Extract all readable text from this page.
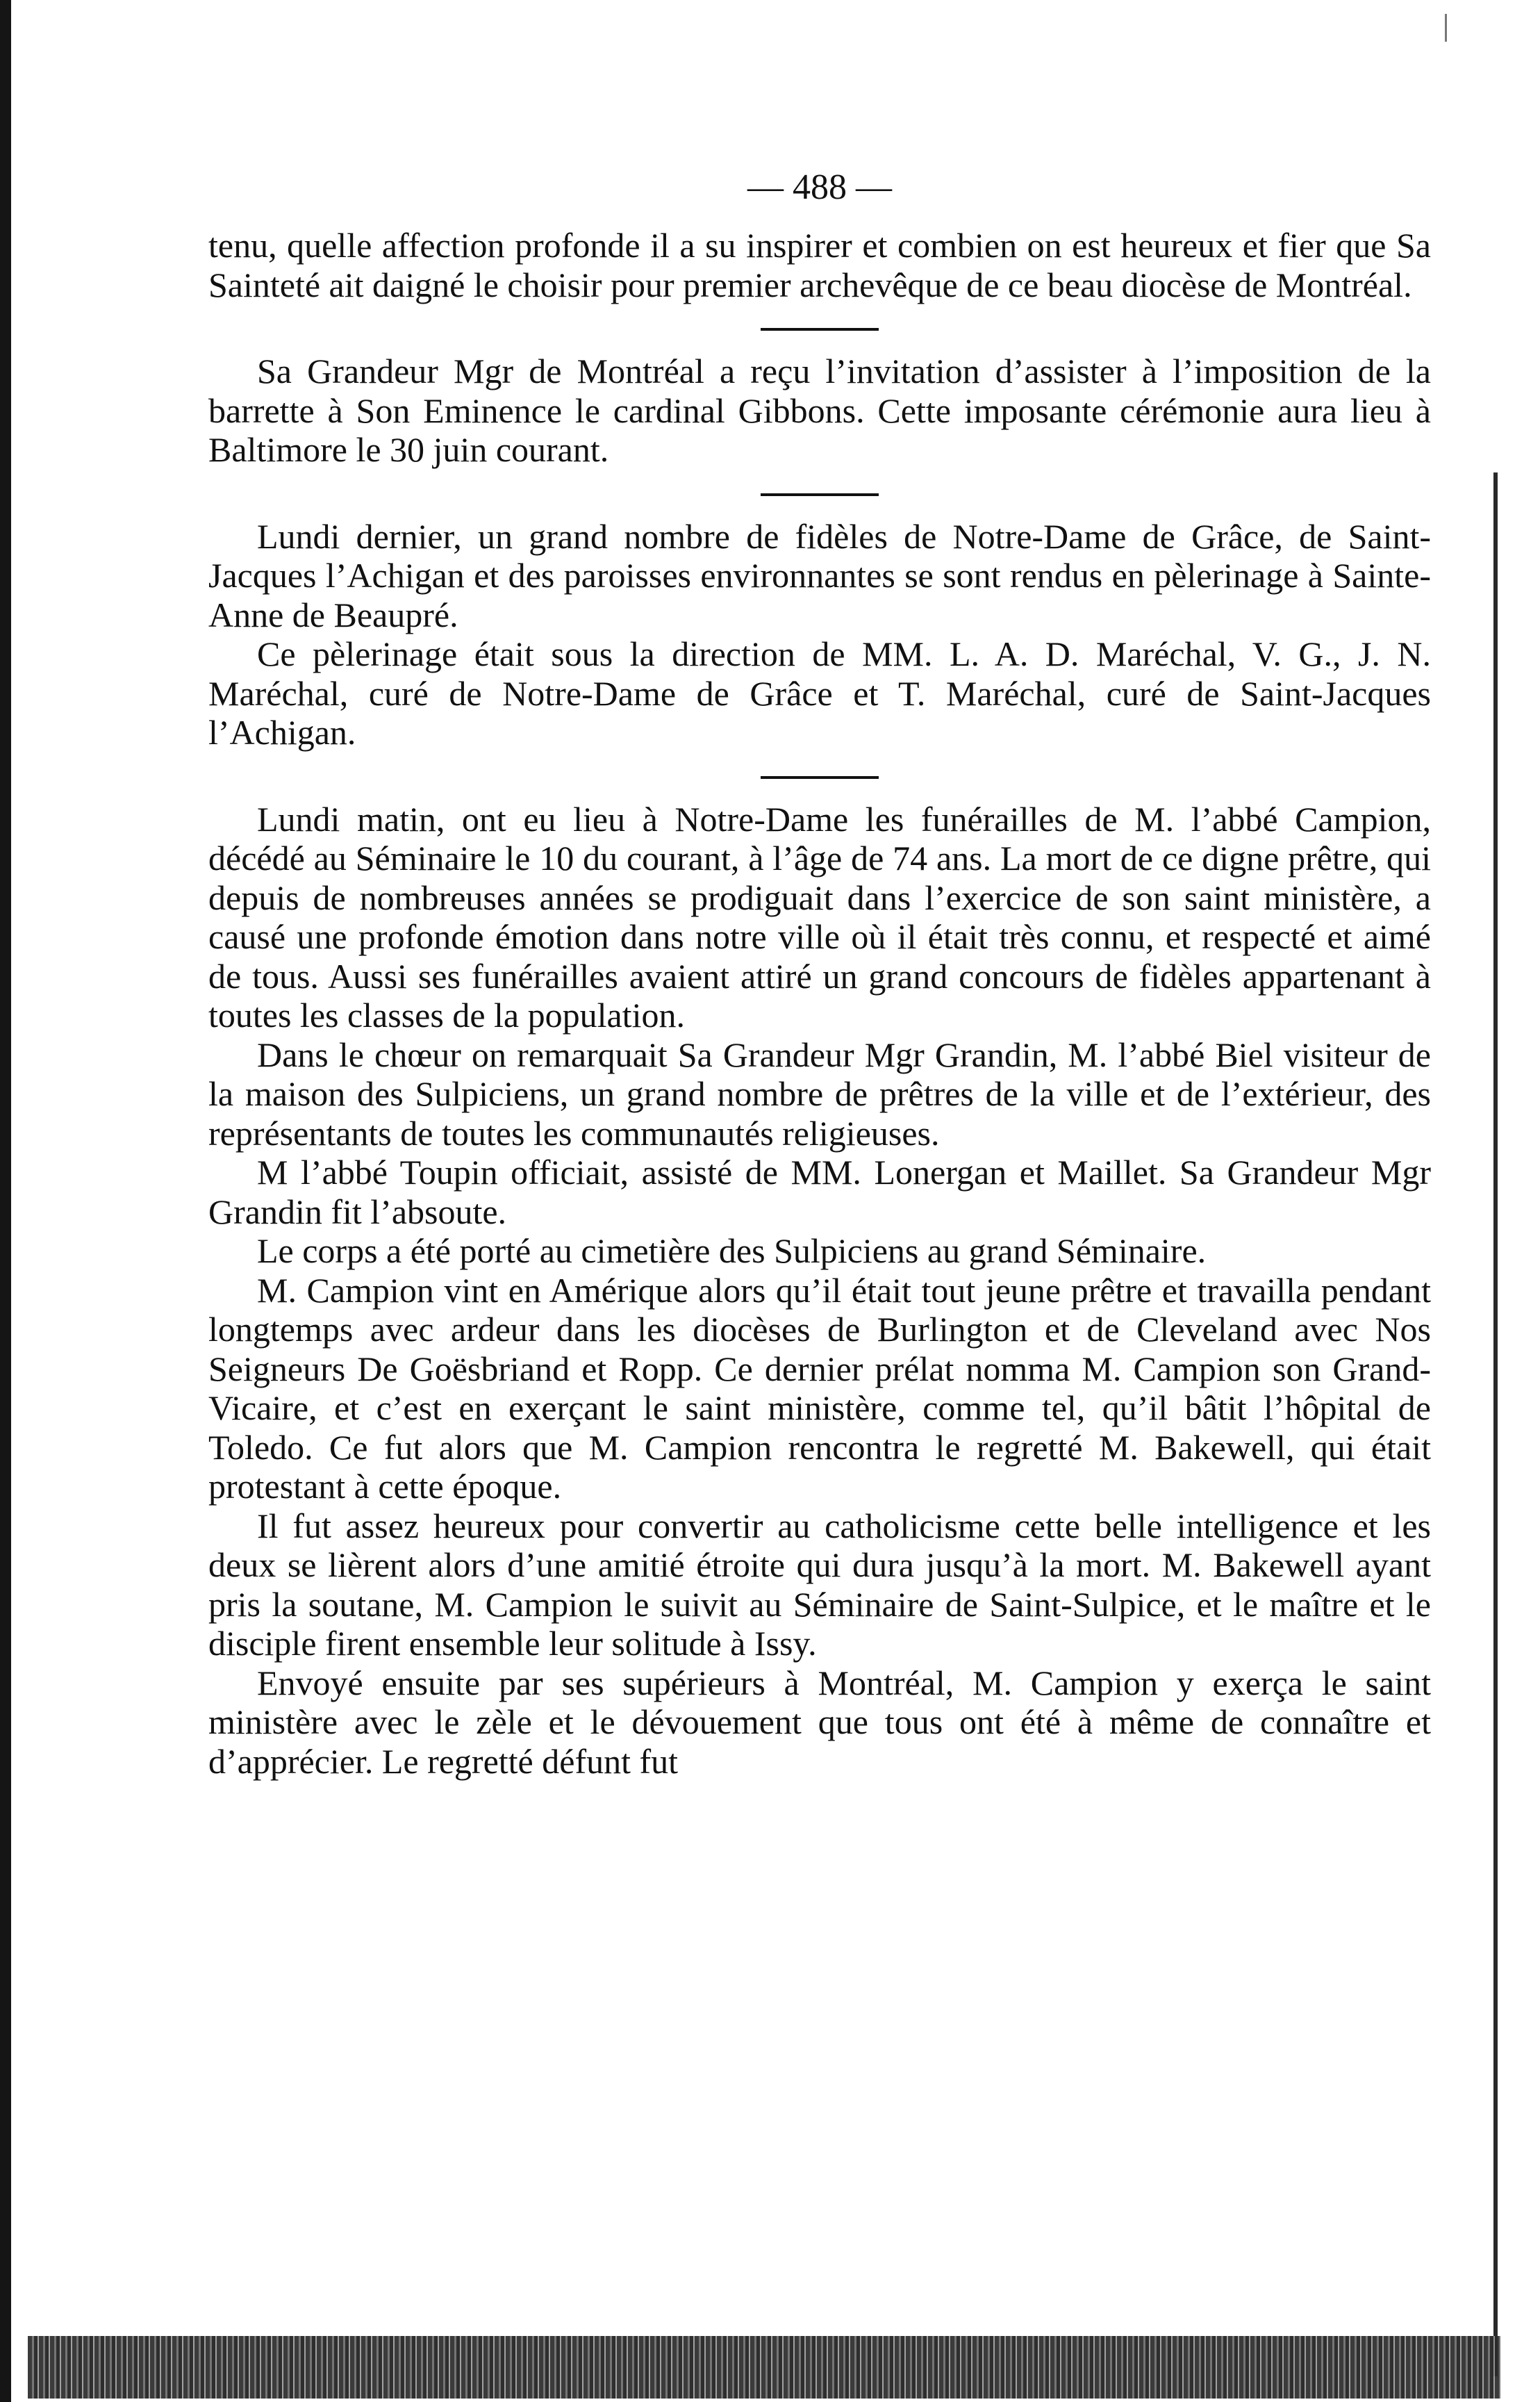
— 488 —

tenu, quelle affection profonde il a su inspirer et combien on est heureux et fier que Sa Sainteté ait daigné le choisir pour premier archevêque de ce beau diocèse de Montréal.

Sa Grandeur Mgr de Montréal a reçu l’invitation d’assister à l’imposition de la barrette à Son Eminence le cardinal Gibbons. Cette imposante cérémonie aura lieu à Baltimore le 30 juin courant.

Lundi dernier, un grand nombre de fidèles de Notre-Dame de Grâce, de Saint-Jacques l’Achigan et des paroisses environnantes se sont rendus en pèlerinage à Sainte-Anne de Beaupré.

Ce pèlerinage était sous la direction de MM. L. A. D. Maréchal, V. G., J. N. Maréchal, curé de Notre-Dame de Grâce et T. Maréchal, curé de Saint-Jacques l’Achigan.

Lundi matin, ont eu lieu à Notre-Dame les funérailles de M. l’abbé Campion, décédé au Séminaire le 10 du courant, à l’âge de 74 ans. La mort de ce digne prêtre, qui depuis de nombreuses années se prodiguait dans l’exercice de son saint ministère, a causé une profonde émotion dans notre ville où il était très connu, et respecté et aimé de tous. Aussi ses funérailles avaient attiré un grand concours de fidèles appartenant à toutes les classes de la population.

Dans le chœur on remarquait Sa Grandeur Mgr Grandin, M. l’abbé Biel visiteur de la maison des Sulpiciens, un grand nombre de prêtres de la ville et de l’extérieur, des représentants de toutes les communautés religieuses.

M l’abbé Toupin officiait, assisté de MM. Lonergan et Maillet. Sa Grandeur Mgr Grandin fit l’absoute.

Le corps a été porté au cimetière des Sulpiciens au grand Séminaire.

M. Campion vint en Amérique alors qu’il était tout jeune prêtre et travailla pendant longtemps avec ardeur dans les diocèses de Burlington et de Cleveland avec Nos Seigneurs De Goësbriand et Ropp. Ce dernier prélat nomma M. Campion son Grand-Vicaire, et c’est en exerçant le saint ministère, comme tel, qu’il bâtit l’hôpital de Toledo. Ce fut alors que M. Campion rencontra le regretté M. Bakewell, qui était protestant à cette époque.

Il fut assez heureux pour convertir au catholicisme cette belle intelligence et les deux se lièrent alors d’une amitié étroite qui dura jusqu’à la mort. M. Bakewell ayant pris la soutane, M. Campion le suivit au Séminaire de Saint-Sulpice, et le maître et le disciple firent ensemble leur solitude à Issy.

Envoyé ensuite par ses supérieurs à Montréal, M. Campion y exerça le saint ministère avec le zèle et le dévouement que tous ont été à même de connaître et d’apprécier. Le regretté défunt fut
